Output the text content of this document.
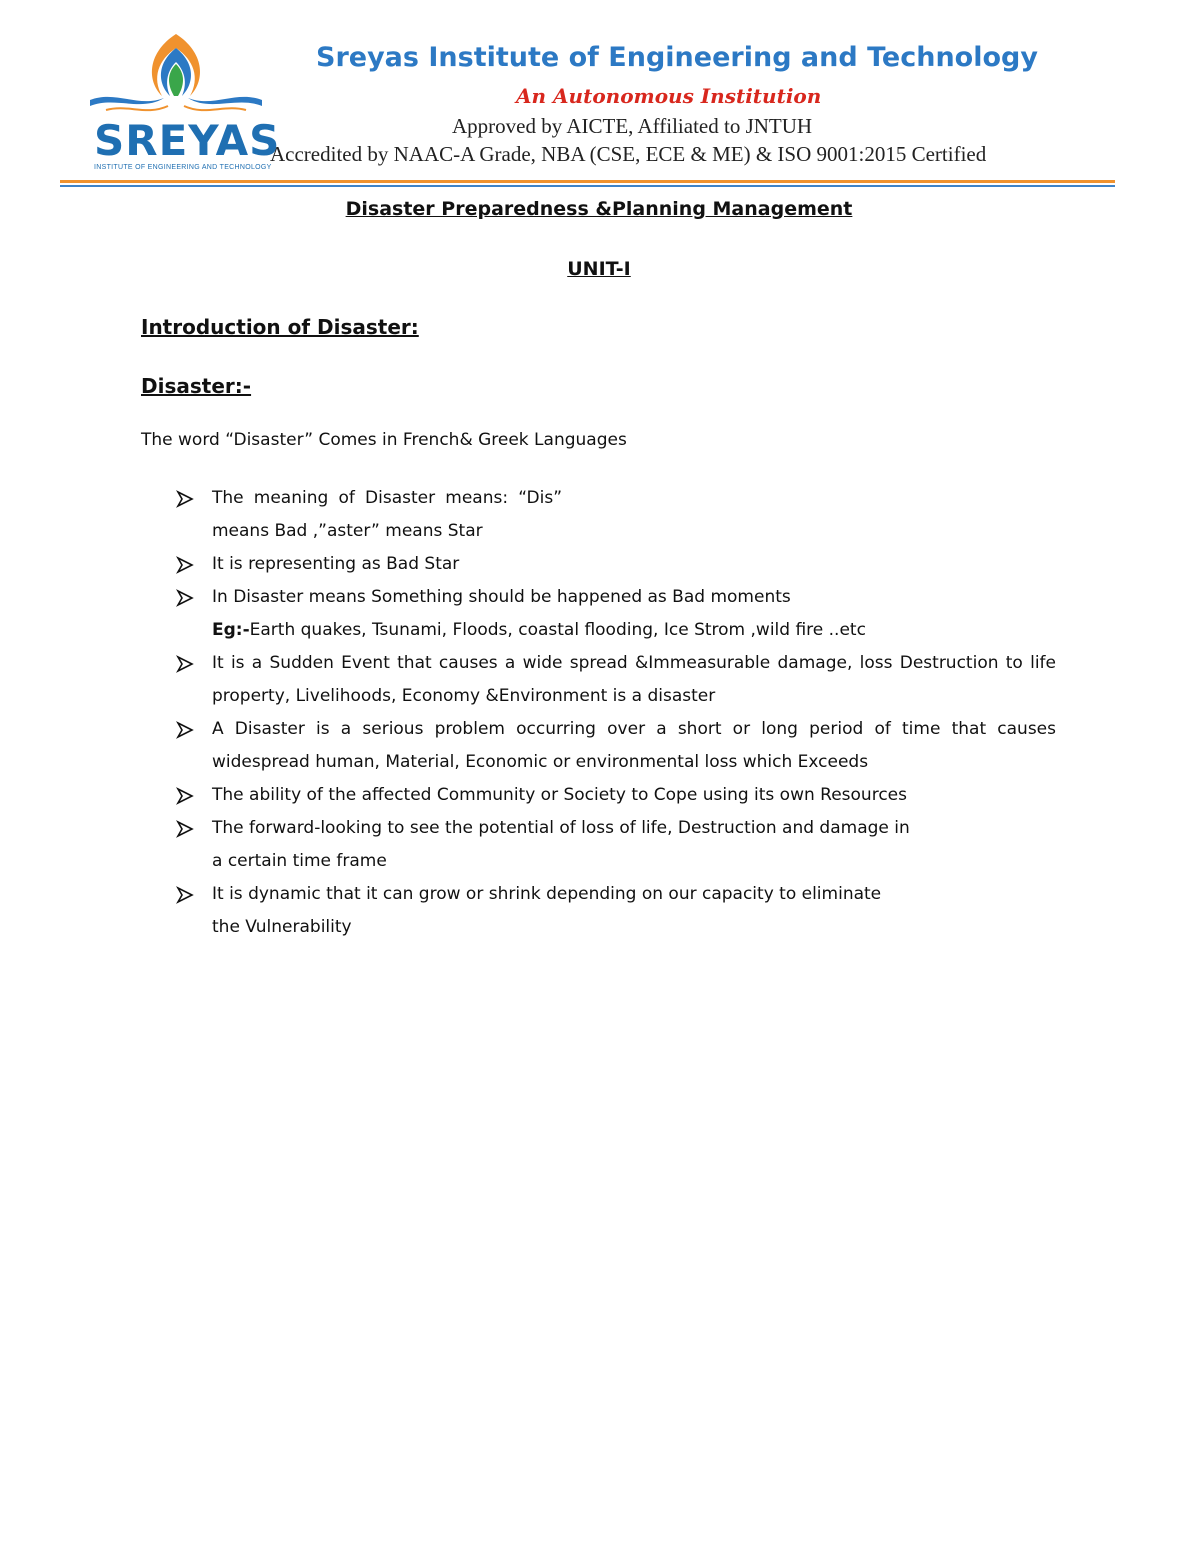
SREYAS
INSTITUTE OF ENGINEERING AND TECHNOLOGY
Sreyas Institute of Engineering and Technology
An Autonomous Institution
Approved by AICTE, Affiliated to JNTUH
Accredited by NAAC-A Grade, NBA (CSE, ECE & ME) & ISO 9001:2015 Certified
Disaster Preparedness &Planning Management
UNIT-I
Introduction of Disaster:
Disaster:-
The word “Disaster” Comes in French& Greek Languages
The meaning of Disaster means: “Dis” means Bad ,”aster” means Star
It is representing as Bad Star
In Disaster means Something should be happened as Bad moments
Eg:-Earth quakes, Tsunami, Floods, coastal flooding, Ice Strom ,wild fire ..etc
It is a Sudden Event that causes a wide spread &Immeasurable damage, loss Destruction to life property, Livelihoods, Economy &Environment is a disaster
A Disaster is a serious problem occurring over a short or long period of time that causes widespread human, Material, Economic or environmental loss which Exceeds
The ability of the affected Community or Society to Cope using its own Resources
The forward-looking to see the potential of loss of life, Destruction and damage in
a certain time frame
It is dynamic that it can grow or shrink depending on our capacity to eliminate
the Vulnerability
